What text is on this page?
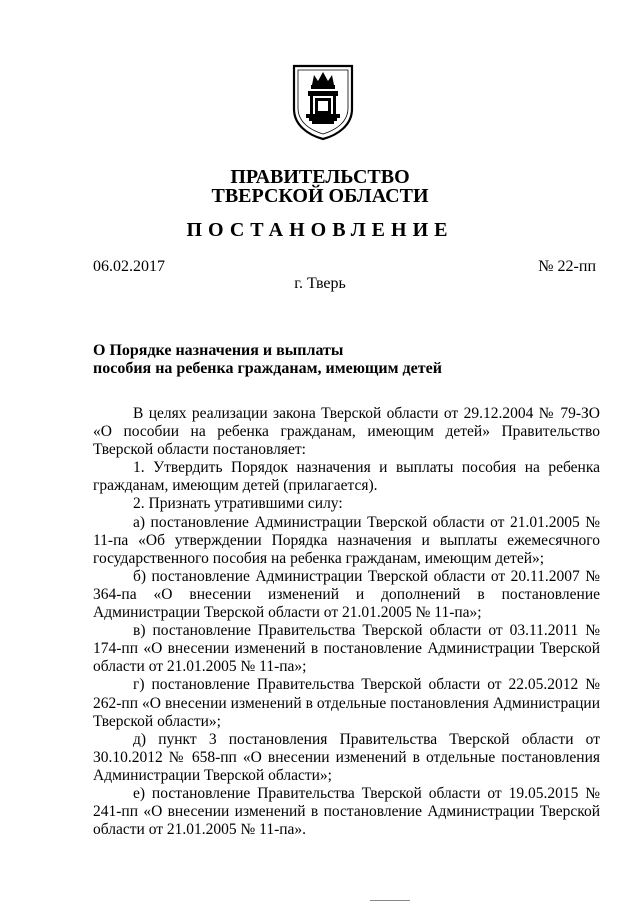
ПРАВИТЕЛЬСТВО
ТВЕРСКОЙ ОБЛАСТИ
ПОСТАНОВЛЕНИЕ
06.02.2017	№ 22-пп
г. Тверь
О Порядке назначения и выплаты
пособия на ребенка гражданам, имеющим детей

В целях реализации закона Тверской области от 29.12.2004 № 79-ЗО «О пособии на ребенка гражданам, имеющим детей» Правительство Тверской области постановляет:

1. Утвердить Порядок назначения и выплаты пособия на ребенка гражданам, имеющим детей (прилагается).

2. Признать утратившими силу:

а) постановление Администрации Тверской области от 21.01.2005 № 11-па «Об утверждении Порядка назначения и выплаты ежемесячного государственного пособия на ребенка гражданам, имеющим детей»;

б) постановление Администрации Тверской области от 20.11.2007 № 364-па «О внесении изменений и дополнений в постановление Администрации Тверской области от 21.01.2005 № 11-па»;

в) постановление Правительства Тверской области от 03.11.2011 № 174-пп «О внесении изменений в постановление Администрации Тверской области от 21.01.2005 № 11-па»;

г) постановление Правительства Тверской области от 22.05.2012 № 262-пп «О внесении изменений в отдельные постановления Администрации Тверской области»;

д) пункт 3 постановления Правительства Тверской области от 30.10.2012 № 658-пп «О внесении изменений в отдельные постановления Администрации Тверской области»;

е) постановление Правительства Тверской области от 19.05.2015 № 241-пп «О внесении изменений в постановление Администрации Тверской области от 21.01.2005 № 11-па».
